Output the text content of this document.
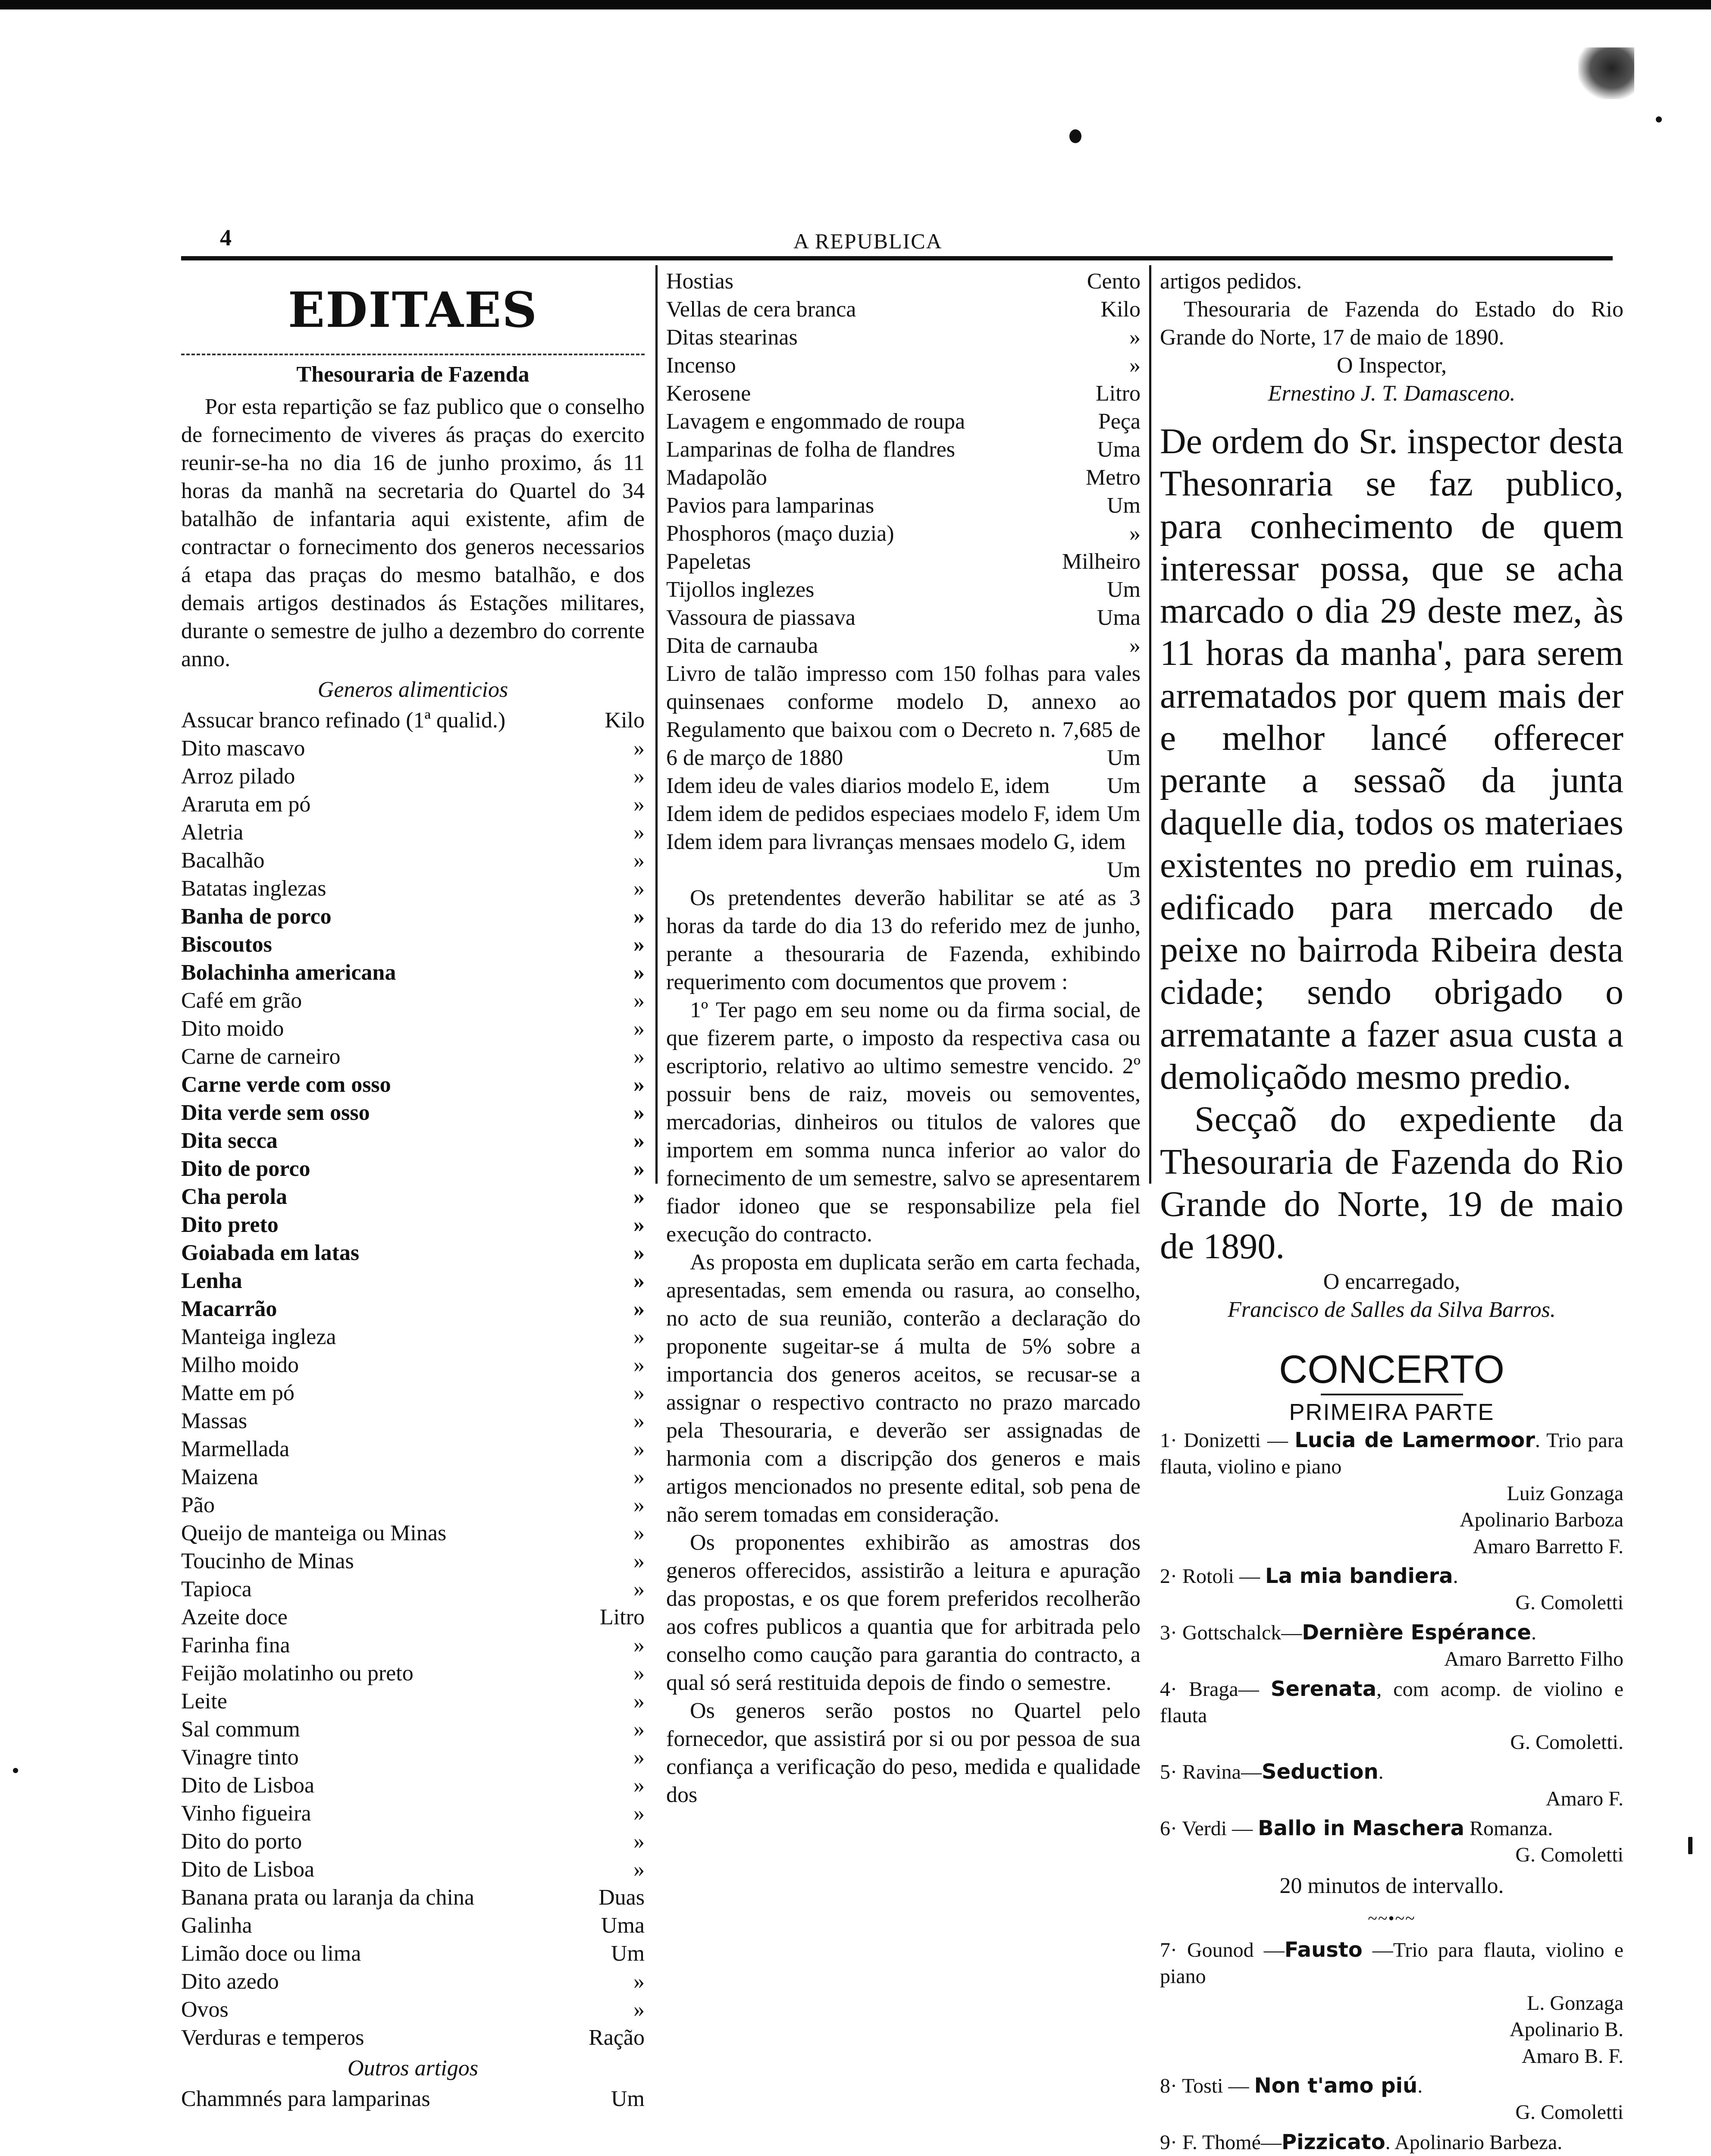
4	A REPUBLICA
EDITAES
Thesouraria de Fazenda
Por esta repartição se faz publico que o conselho de fornecimento de viveres ás praças do exercito reunir-se-ha no dia 16 de junho proximo, ás 11 horas da manhã na secretaria do Quartel do 34 batalhão de infantaria aqui existente, afim de contractar o fornecimento dos generos necessarios á etapa das praças do mesmo batalhão, e dos demais artigos destinados ás Estações militares, durante o semestre de julho a dezembro do corrente anno.
Generos alimenticios
Assucar branco refinado (1ª qualid.)	Kilo
Dito mascavo	»
Arroz pilado	»
Araruta em pó	»
Aletria	»
Bacalhão	»
Batatas inglezas	»
Banha de porco	»
Biscoutos	»
Bolachinha americana	»
Café em grão	»
Dito moido	»
Carne de carneiro	»
Carne verde com osso	»
Dita verde sem osso	»
Dita secca	»
Dito de porco	»
Cha perola	»
Dito preto	»
Goiabada em latas	»
Lenha	»
Macarrão	»
Manteiga ingleza	»
Milho moido	»
Matte em pó	»
Massas	»
Marmellada	»
Maizena	»
Pão	»
Queijo de manteiga ou Minas	»
Toucinho de Minas	»
Tapioca	»
Azeite doce	Litro
Farinha fina	»
Feijão molatinho ou preto	»
Leite	»
Sal commum	»
Vinagre tinto	»
Dito de Lisboa	»
Vinho figueira	»
Dito do porto	»
Dito de Lisboa	»
Banana prata ou laranja da china	Duas
Galinha	Uma
Limão doce ou lima	Um
Dito azedo	»
Ovos	»
Verduras e temperos	Ração
Outros artigos
Chammnés para lamparinas	Um
Hostias	Cento
Vellas de cera branca	Kilo
Ditas stearinas	»
Incenso	»
Kerosene	Litro
Lavagem e engommado de roupa	Peça
Lamparinas de folha de flandres	Uma
Madapolão	Metro
Pavios para lamparinas	Um
Phosphoros (maço duzia)	»
Papeletas	Milheiro
Tijollos inglezes	Um
Vassoura de piassava	Uma
Dita de carnauba	»
Livro de talão impresso com 150 folhas para vales quinsenaes conforme modelo D, annexo ao Regulamento que baixou com o Decreto n. 7,685 de 6 de março de 1880	Um
Idem ideu de vales diarios modelo E, idem	Um
Idem idem de pedidos especiaes modelo F, idem Um
Idem idem para livranças mensaes modelo G, idem
Um
Os pretendentes deverão habilitar se até as 3 horas da tarde do dia 13 do referido mez de junho, perante a thesouraria de Fazenda, exhibindo requerimento com documentos que provem :
1º Ter pago em seu nome ou da firma social, de que fizerem parte, o imposto da respectiva casa ou escriptorio, relativo ao ultimo semestre vencido. 2º possuir bens de raiz, moveis ou semoventes, mercadorias, dinheiros ou titulos de valores que importem em somma nunca inferior ao valor do fornecimento de um semestre, salvo se apresentarem fiador idoneo que se responsabilize pela fiel execução do contracto.
As proposta em duplicata serão em carta fechada, apresentadas, sem emenda ou rasura, ao conselho, no acto de sua reunião, conterão a declaração do proponente sugeitar-se á multa de 5% sobre a importancia dos generos aceitos, se recusar-se a assignar o respectivo contracto no prazo marcado pela Thesouraria, e deverão ser assignadas de harmonia com a discripção dos generos e mais artigos mencionados no presente edital, sob pena de não serem tomadas em consideração.
Os proponentes exhibirão as amostras dos generos offerecidos, assistirão a leitura e apuração das propostas, e os que forem preferidos recolherão aos cofres publicos a quantia que for arbitrada pelo conselho como caução para garantia do contracto, a qual só será restituida depois de findo o semestre.
Os generos serão postos no Quartel pelo fornecedor, que assistirá por si ou por pessoa de sua confiança a verificação do peso, medida e qualidade dos
artigos pedidos.
Thesouraria de Fazenda do Estado do Rio Grande do Norte, 17 de maio de 1890.
O Inspector,
Ernestino J. T. Damasceno.
De ordem do Sr. inspector desta Thesonraria se faz publico, para conhecimento de quem interessar possa, que se acha marcado o dia 29 deste mez, às 11 horas da manha', para serem arrematados por quem mais der e melhor lancé offerecer perante a sessaõ da junta daquelle dia, todos os materiaes existentes no predio em ruinas, edificado para mercado de peixe no bairroda Ribeira desta cidade; sendo obrigado o arrematante a fazer asua custa a demoliçaõdo mesmo predio.
Secçaõ do expediente da Thesouraria de Fazenda do Rio Grande do Norte, 19 de maio de 1890.
O encarregado,
Francisco de Salles da Silva Barros.
CONCERTO
PRIMEIRA PARTE
1· Donizetti — Lucia de Lamermoor. Trio para flauta, violino e piano
Luiz Gonzaga
Apolinario Barboza
Amaro Barretto F.
2· Rotoli — La mia bandiera.
G. Comoletti
3· Gottschalck—Dernière Espérance.
Amaro Barretto Filho
4· Braga— Serenata, com acomp. de violino e flauta
G. Comoletti.
5· Ravina—Seduction.
Amaro F.
6· Verdi — Ballo in Maschera Romanza.
G. Comoletti
20 minutos de intervallo.
~~•~~
7· Gounod —Fausto —Trio para flauta, violino e piano
L. Gonzaga
Apolinario B.
Amaro B. F.
8· Tosti — Non t'amo piú.
G. Comoletti
9· F. Thomé—Pizzicato. Apolinario Barbeza.
